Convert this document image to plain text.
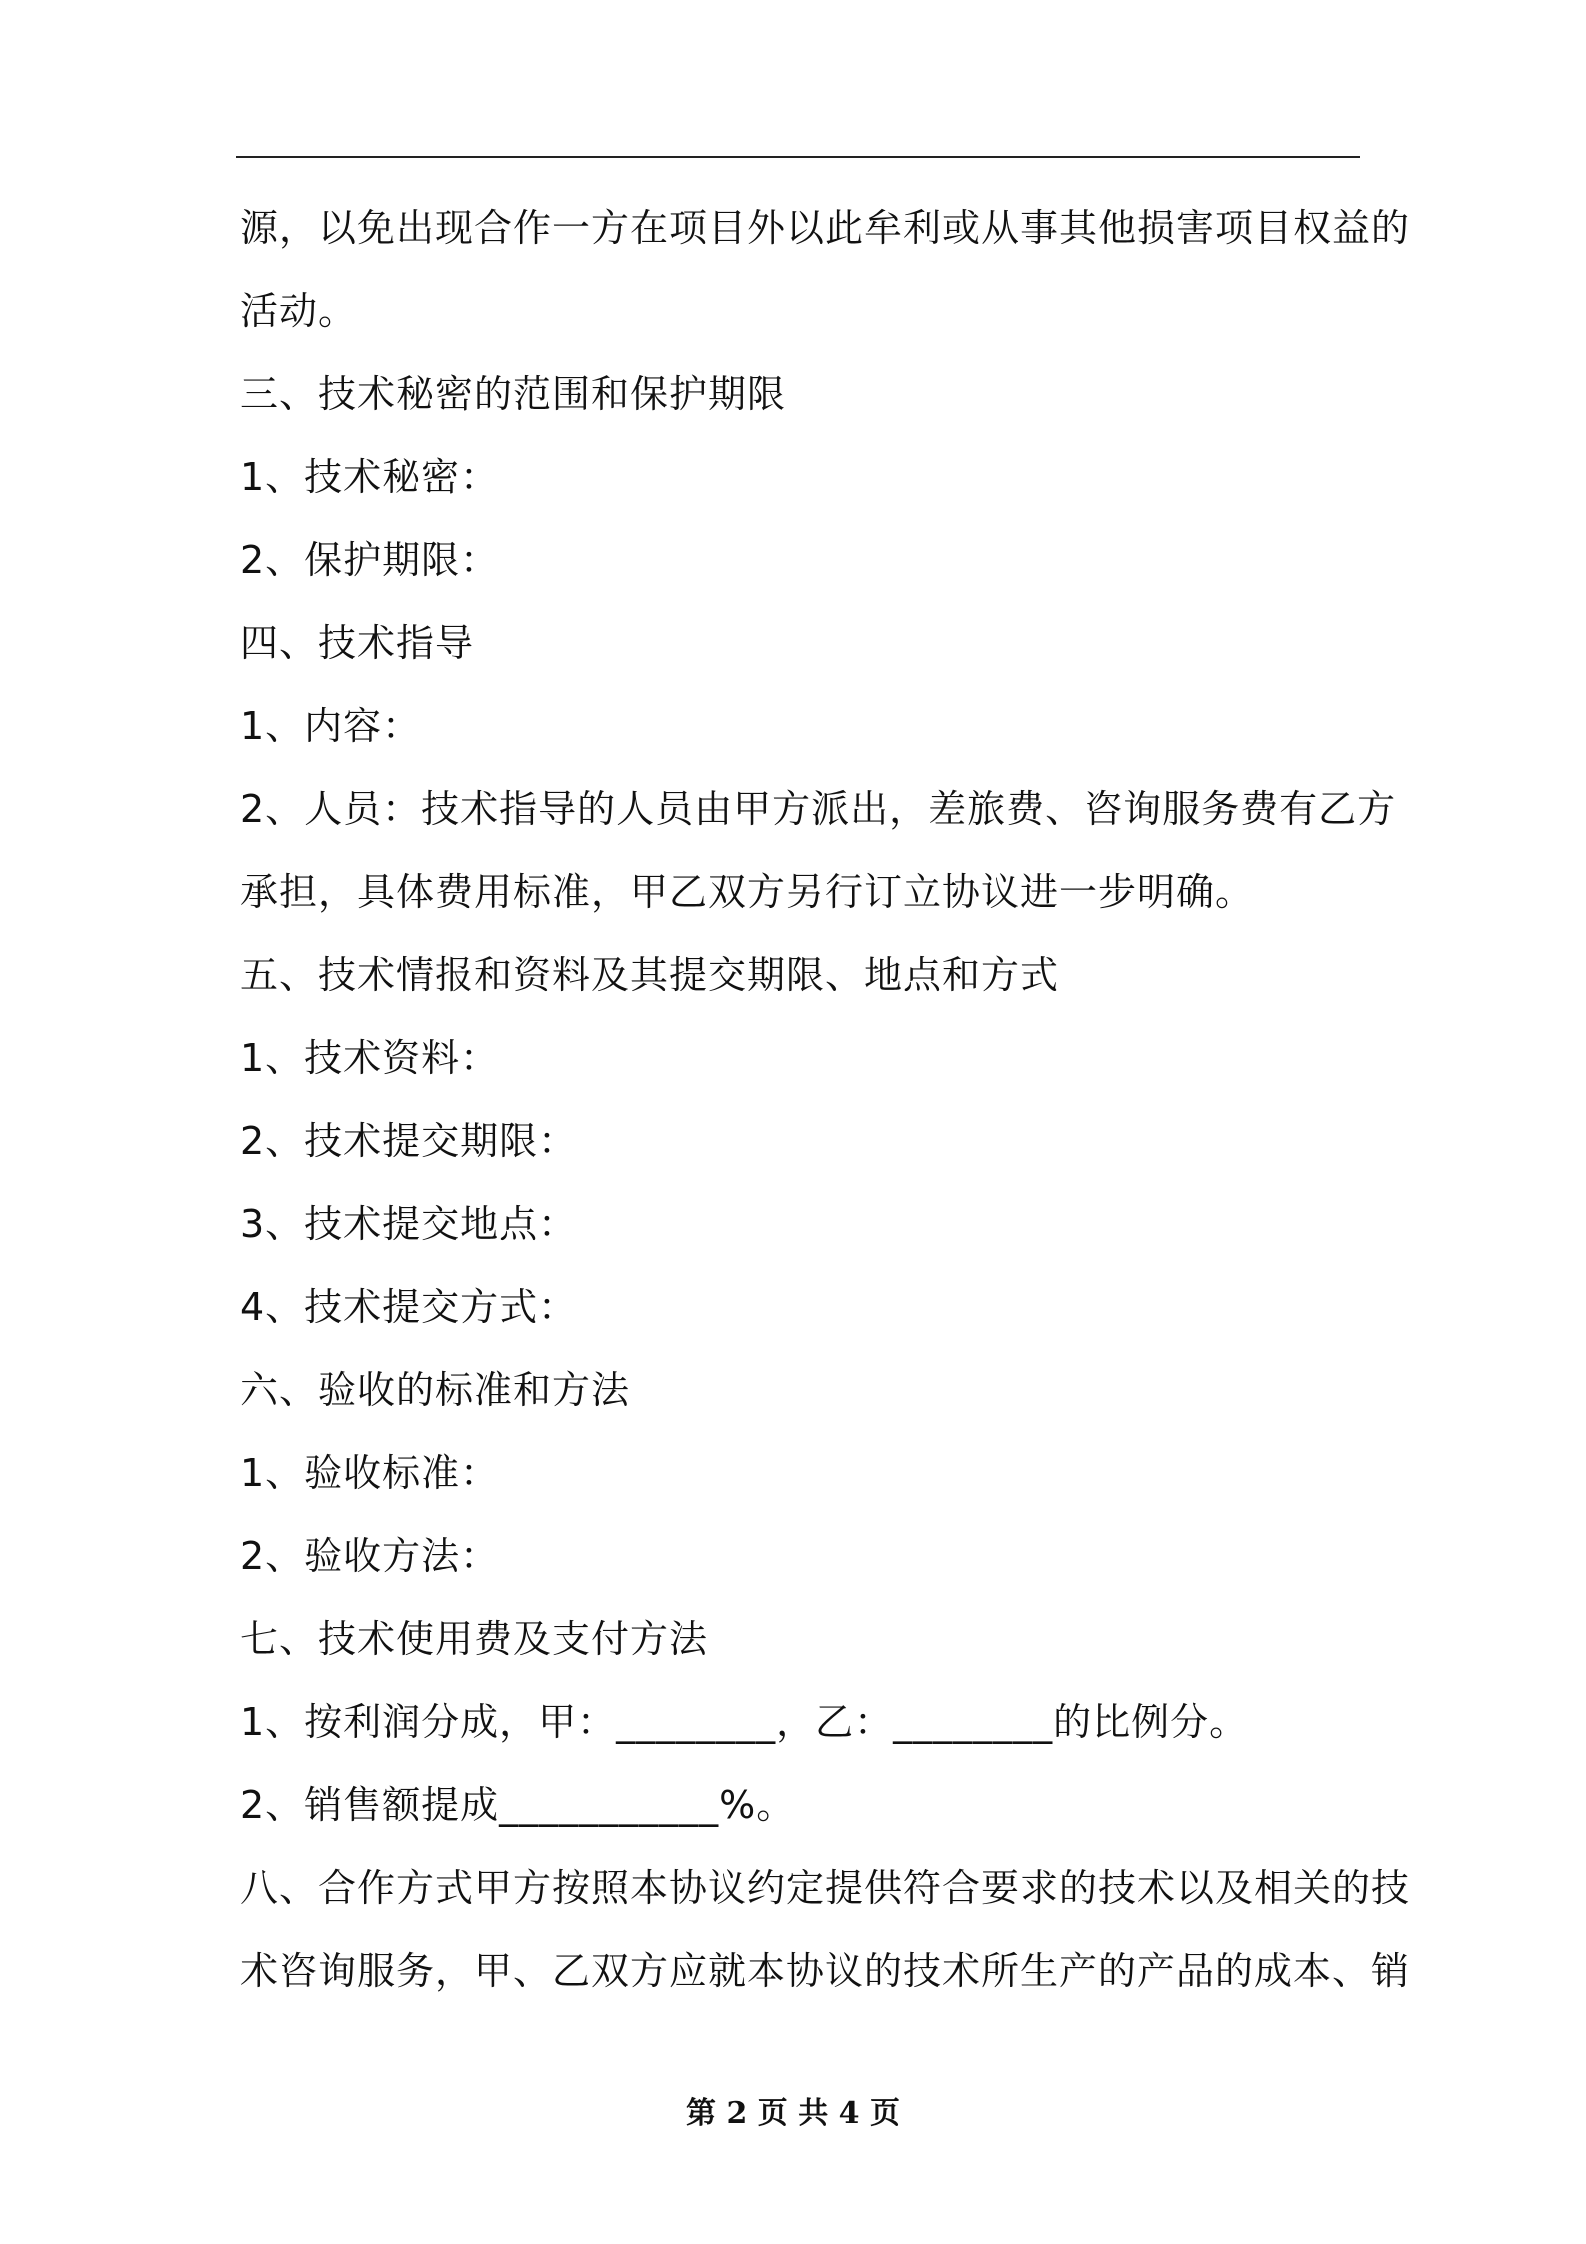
源，以免出现合作一方在项目外以此牟利或从事其他损害项目权益的
活动。
三、技术秘密的范围和保护期限
1、技术秘密：
2、保护期限：
四、技术指导
1、内容：
2、人员：技术指导的人员由甲方派出，差旅费、咨询服务费有乙方
承担，具体费用标准，甲乙双方另行订立协议进一步明确。
五、技术情报和资料及其提交期限、地点和方式
1、技术资料：
2、技术提交期限：
3、技术提交地点：
4、技术提交方式：
六、验收的标准和方法
1、验收标准：
2、验收方法：
七、技术使用费及支付方法
1、按利润分成，甲：________，乙：________的比例分。
2、销售额提成___________%。
八、合作方式甲方按照本协议约定提供符合要求的技术以及相关的技
术咨询服务，甲、乙双方应就本协议的技术所生产的产品的成本、销
第 2 页 共 4 页
